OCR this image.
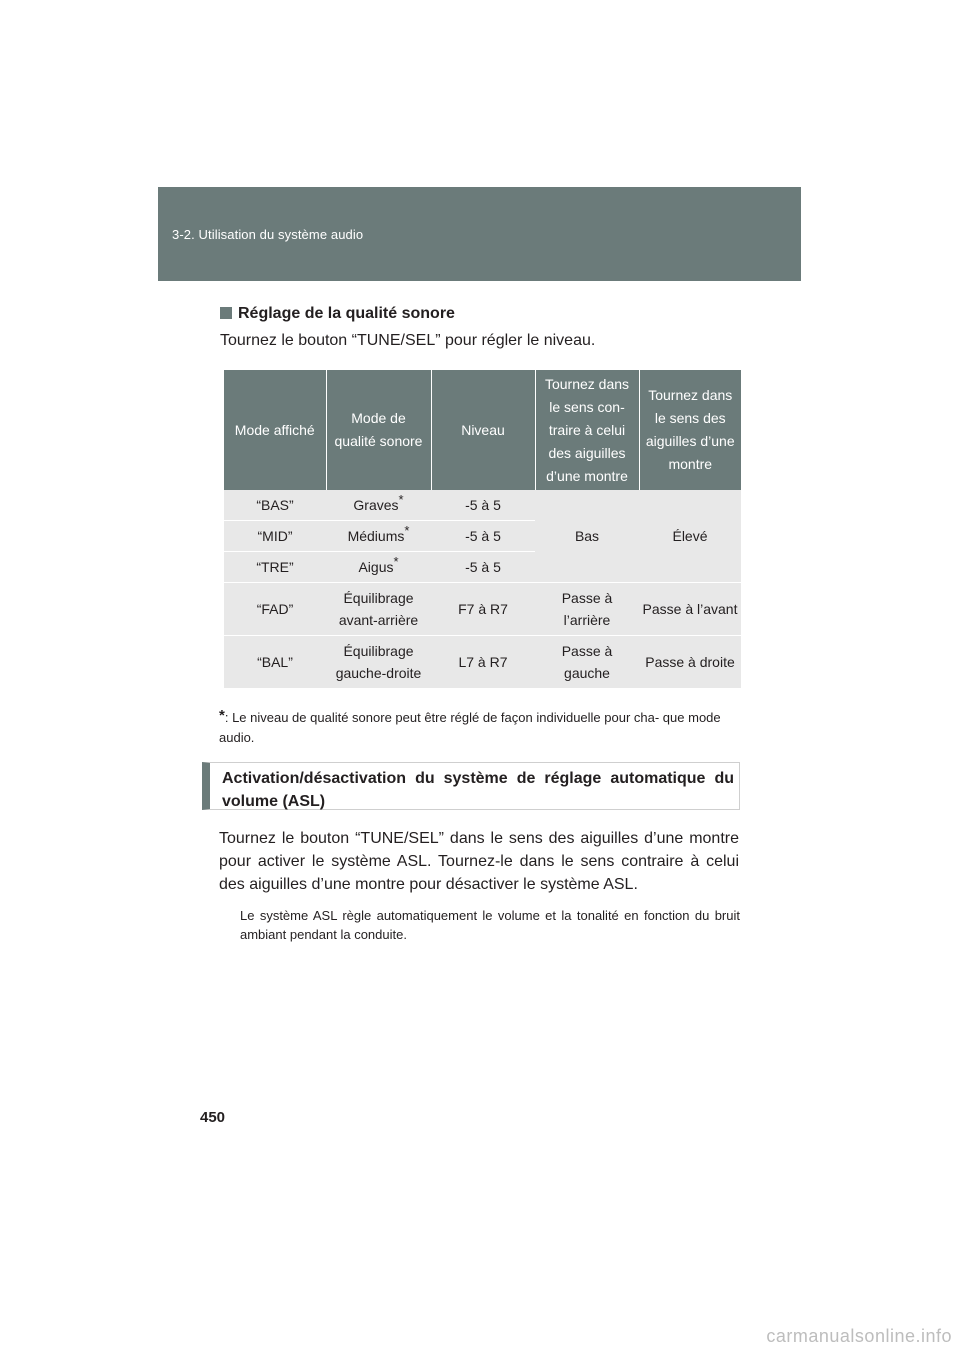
3-2. Utilisation du système audio
Réglage de la qualité sonore
Tournez le bouton “TUNE/SEL” pour régler le niveau.
Mode affiché	Mode de qualité sonore	Niveau	Tournez dans le sens con-traire à celui des aiguilles d’une montre	Tournez dans le sens des aiguilles d’une montre
“BAS”	Graves*	-5 à 5	Bas	Élevé
“MID”	Médiums*	-5 à 5		
“TRE”	Aigus*	-5 à 5		
“FAD”	Équilibrage avant-arrière	F7 à R7	Passe à l’arrière	Passe à l’avant
“BAL”	Équilibrage gauche-droite	L7 à R7	Passe à gauche	Passe à droite
*: Le niveau de qualité sonore peut être réglé de façon individuelle pour cha- que mode audio.
Activation/désactivation du système de réglage automatique du volume (ASL)
Tournez le bouton “TUNE/SEL” dans le sens des aiguilles d’une montre pour activer le système ASL. Tournez-le dans le sens contraire à celui des aiguilles d’une montre pour désactiver le système ASL.
Le système ASL règle automatiquement le volume et la tonalité en fonction du bruit ambiant pendant la conduite.
450
carmanualsonline.info
